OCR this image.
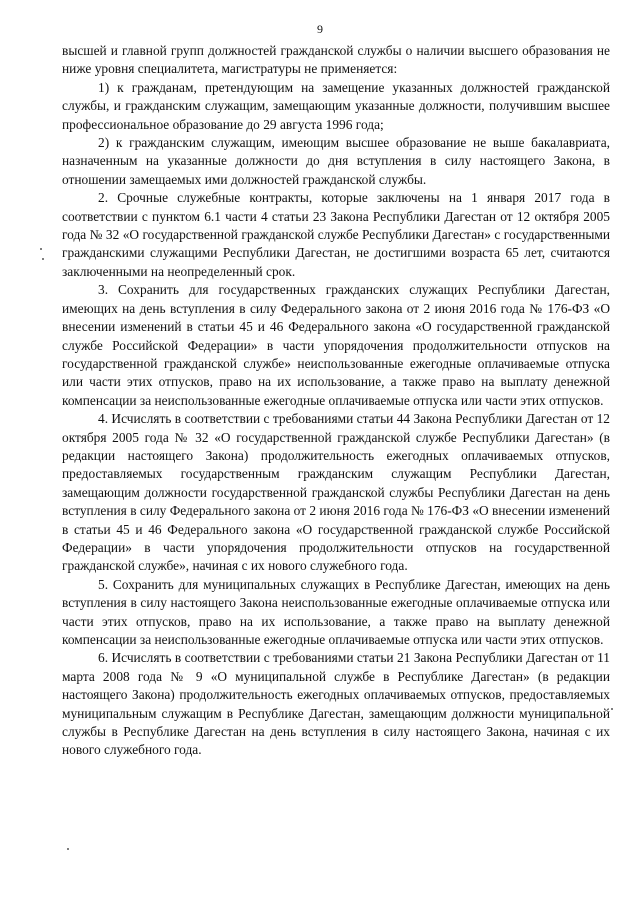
9

высшей и главной групп должностей гражданской службы о наличии высшего образования не ниже уровня специалитета, магистратуры не применяется:

1) к гражданам, претендующим на замещение указанных должностей гражданской службы, и гражданским служащим, замещающим указанные должности, получившим высшее профессиональное образование до 29 августа 1996 года;

2) к гражданским служащим, имеющим высшее образование не выше бакалавриата, назначенным на указанные должности до дня вступления в силу настоящего Закона, в отношении замещаемых ими должностей гражданской службы.

2. Срочные служебные контракты, которые заключены на 1 января 2017 года в соответствии с пунктом 6.1 части 4 статьи 23 Закона Республики Дагестан от 12 октября 2005 года № 32 «О государственной гражданской службе Республики Дагестан» с государственными гражданскими служащими Республики Дагестан, не достигшими возраста 65 лет, считаются заключенными на неопределенный срок.

3. Сохранить для государственных гражданских служащих Республики Дагестан, имеющих на день вступления в силу Федерального закона от 2 июня 2016 года № 176-ФЗ «О внесении изменений в статьи 45 и 46 Федерального закона «О государственной гражданской службе Российской Федерации» в части упорядочения продолжительности отпусков на государственной гражданской службе» неиспользованные ежегодные оплачиваемые отпуска или части этих отпусков, право на их использование, а также право на выплату денежной компенсации за неиспользованные ежегодные оплачиваемые отпуска или части этих отпусков.

4. Исчислять в соответствии с требованиями статьи 44 Закона Республики Дагестан от 12 октября 2005 года № 32 «О государственной гражданской службе Республики Дагестан» (в редакции настоящего Закона) продолжительность ежегодных оплачиваемых отпусков, предоставляемых государственным гражданским служащим Республики Дагестан, замещающим должности государственной гражданской службы Республики Дагестан на день вступления в силу Федерального закона от 2 июня 2016 года № 176-ФЗ «О внесении изменений в статьи 45 и 46 Федерального закона «О государственной гражданской службе Российской Федерации» в части упорядочения продолжительности отпусков на государственной гражданской службе», начиная с их нового служебного года.

5. Сохранить для муниципальных служащих в Республике Дагестан, имеющих на день вступления в силу настоящего Закона неиспользованные ежегодные оплачиваемые отпуска или части этих отпусков, право на их использование, а также право на выплату денежной компенсации за неиспользованные ежегодные оплачиваемые отпуска или части этих отпусков.

6. Исчислять в соответствии с требованиями статьи 21 Закона Республики Дагестан от 11 марта 2008 года № 9 «О муниципальной службе в Республике Дагестан» (в редакции настоящего Закона) продолжительность ежегодных оплачиваемых отпусков, предоставляемых муниципальным служащим в Республике Дагестан, замещающим должности муниципальной службы в Республике Дагестан на день вступления в силу настоящего Закона, начиная с их нового служебного года.
